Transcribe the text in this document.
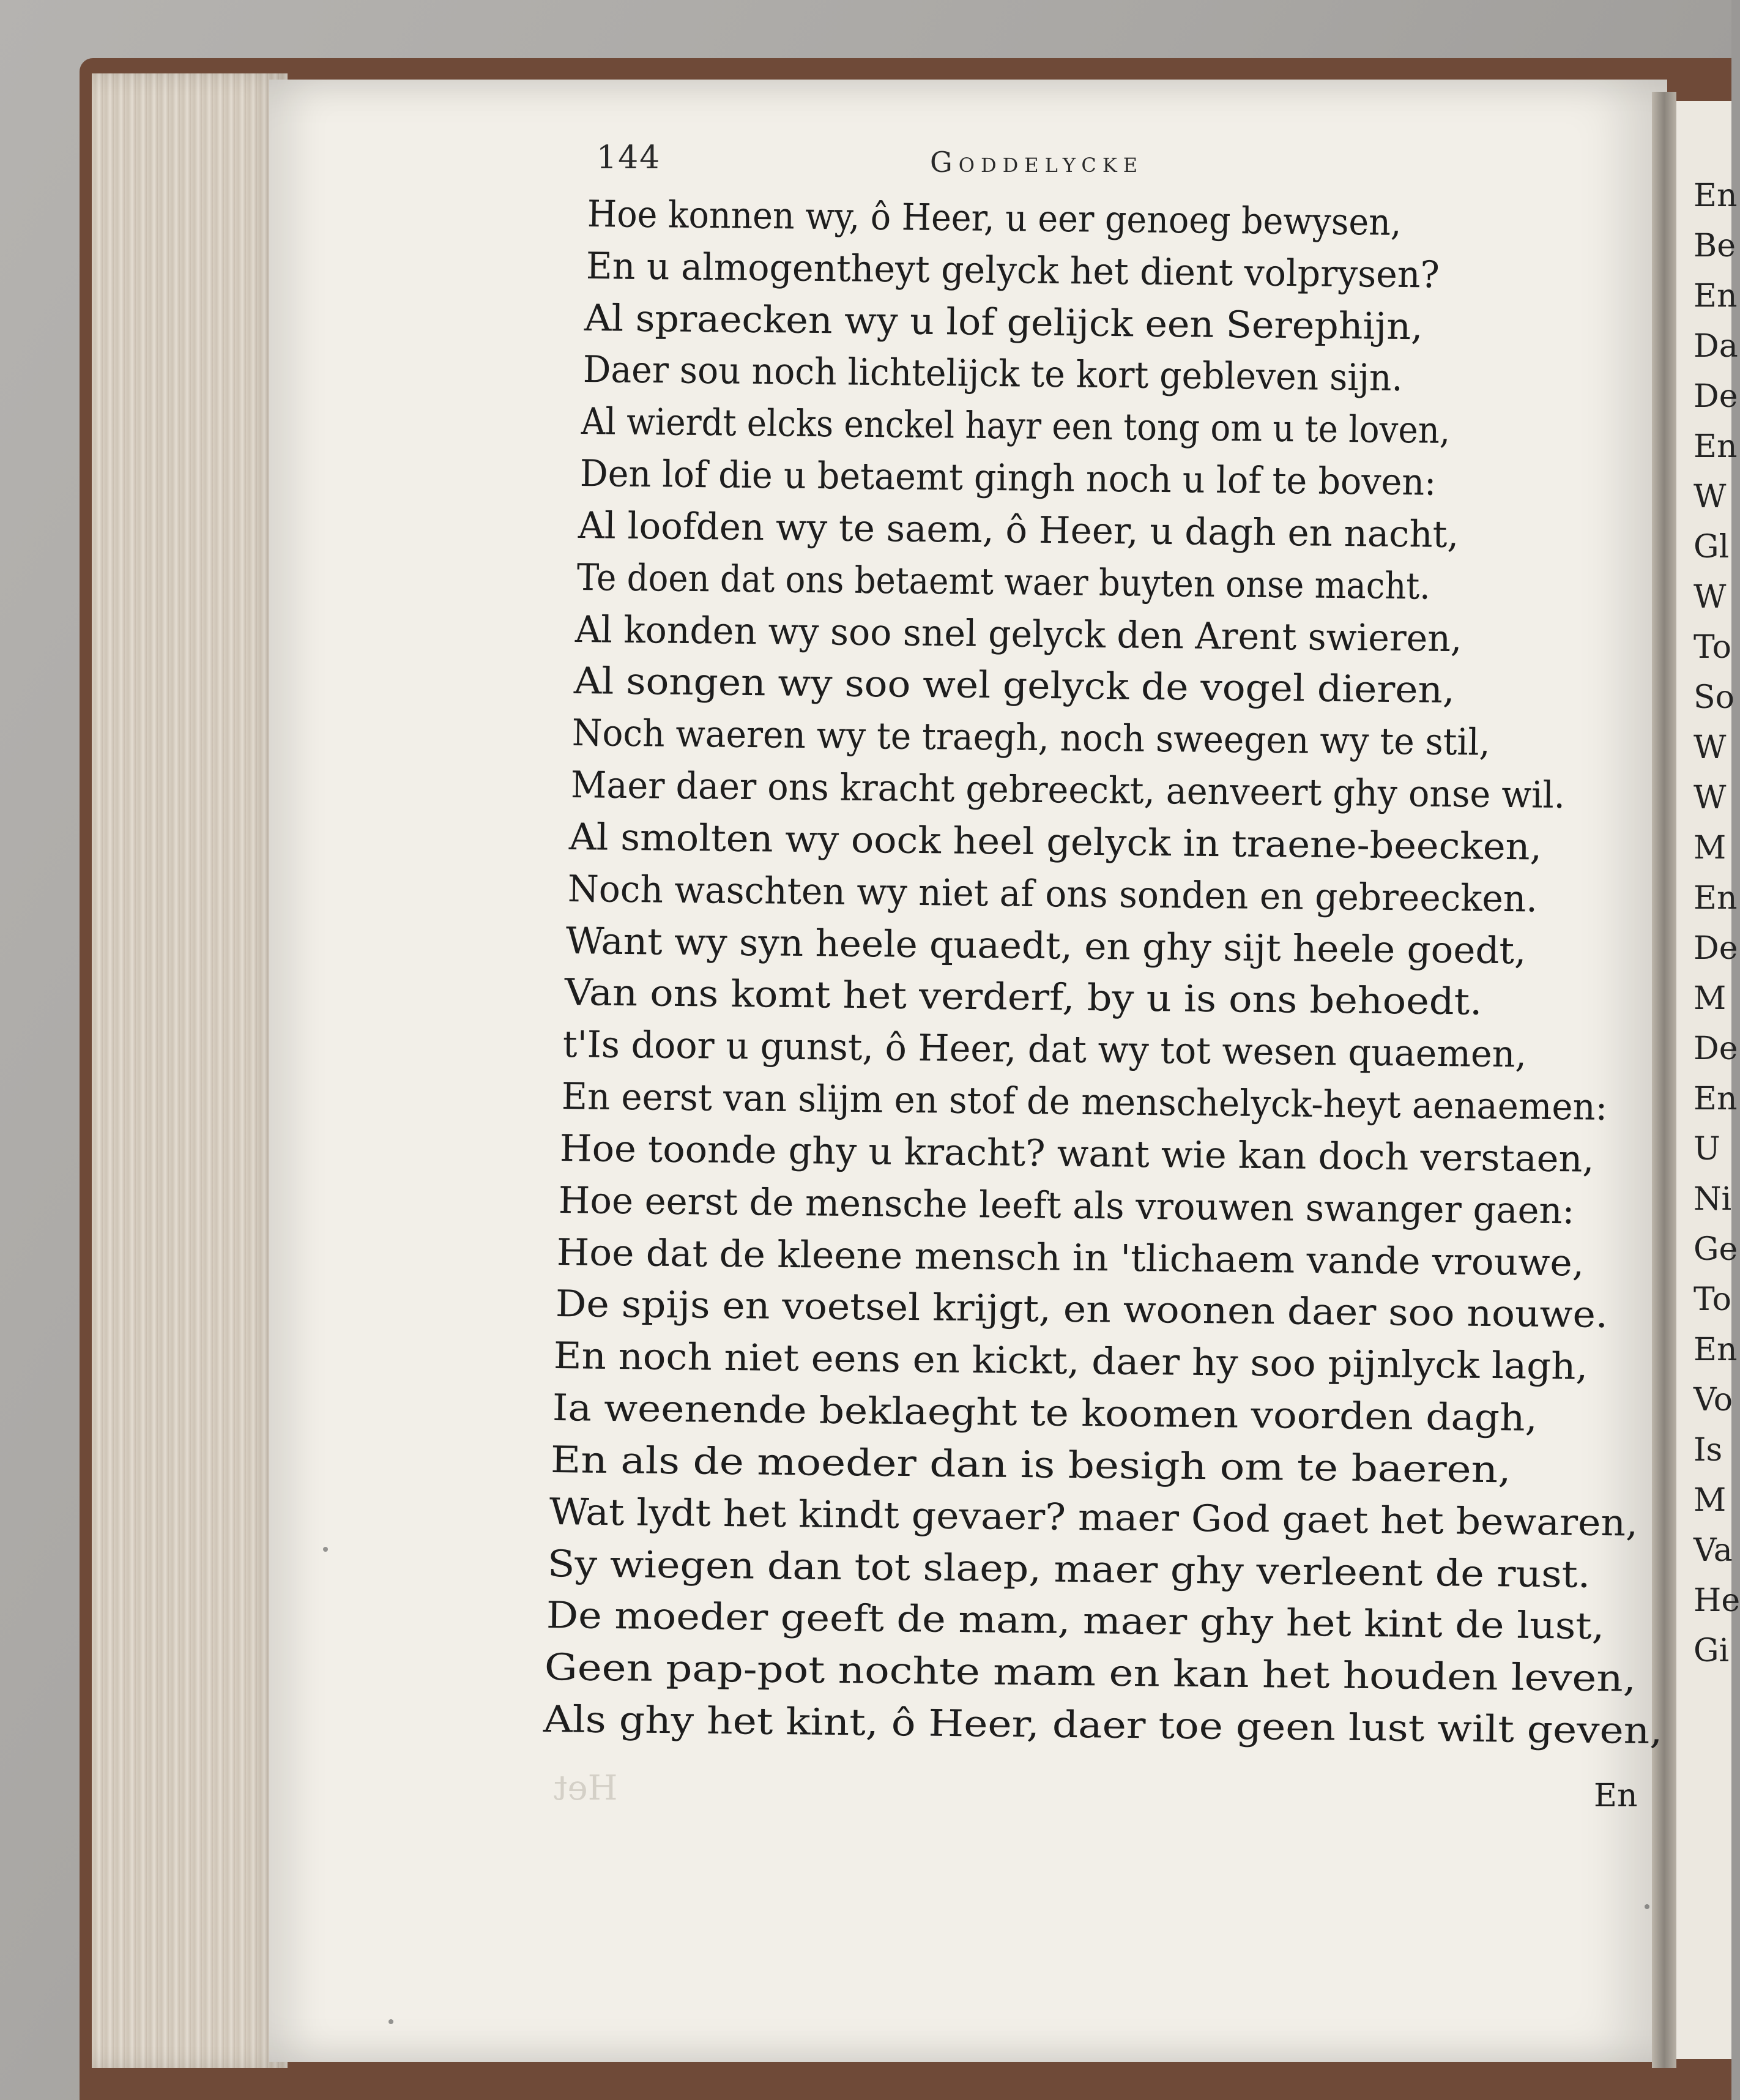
144	Goddelycke
Hoe konnen wy, ô Heer, u eer genoeg bewysen,
En u almogentheyt gelyck het dient volprysen?
Al spraecken wy u lof gelijck een Serephijn,
Daer sou noch lichtelijck te kort gebleven sijn.
Al wierdt elcks enckel hayr een tong om u te loven,
Den lof die u betaemt gingh noch u lof te boven:
Al loofden wy te saem, ô Heer, u dagh en nacht,
Te doen dat ons betaemt waer buyten onse macht.
Al konden wy soo snel gelyck den Arent swieren,
Al songen wy soo wel gelyck de vogel dieren,
Noch waeren wy te traegh, noch sweegen wy te stil,
Maer daer ons kracht gebreeckt, aenveert ghy onse wil.
Al smolten wy oock heel gelyck in traene-beecken,
Noch waschten wy niet af ons sonden en gebreecken.
Want wy syn heele quaedt, en ghy sijt heele goedt,
Van ons komt het verderf, by u is ons behoedt.
t'Is door u gunst, ô Heer, dat wy tot wesen quaemen,
En eerst van slijm en stof de menschelyck-heyt aenaemen:
Hoe toonde ghy u kracht? want wie kan doch verstaen,
Hoe eerst de mensche leeft als vrouwen swanger gaen:
Hoe dat de kleene mensch in 'tlichaem vande vrouwe,
De spijs en voetsel krijgt, en woonen daer soo nouwe.
En noch niet eens en kickt, daer hy soo pijnlyck lagh,
Ia weenende beklaeght te koomen voorden dagh,
En als de moeder dan is besigh om te baeren,
Wat lydt het kindt gevaer? maer God gaet het bewaren,
Sy wiegen dan tot slaep, maer ghy verleent de rust.
De moeder geeft de mam, maer ghy het kint de lust,
Geen pap-pot nochte mam en kan het houden leven,
Als ghy het kint, ô Heer, daer toe geen lust wilt geven,
En
En
Be
En
Da
De
En
W
Gl
W
To
So
W
W
M
En
De
M
De
En
U
Ni
Ge
To
En
Vo
Is
M
Va
He
Gi
Het
